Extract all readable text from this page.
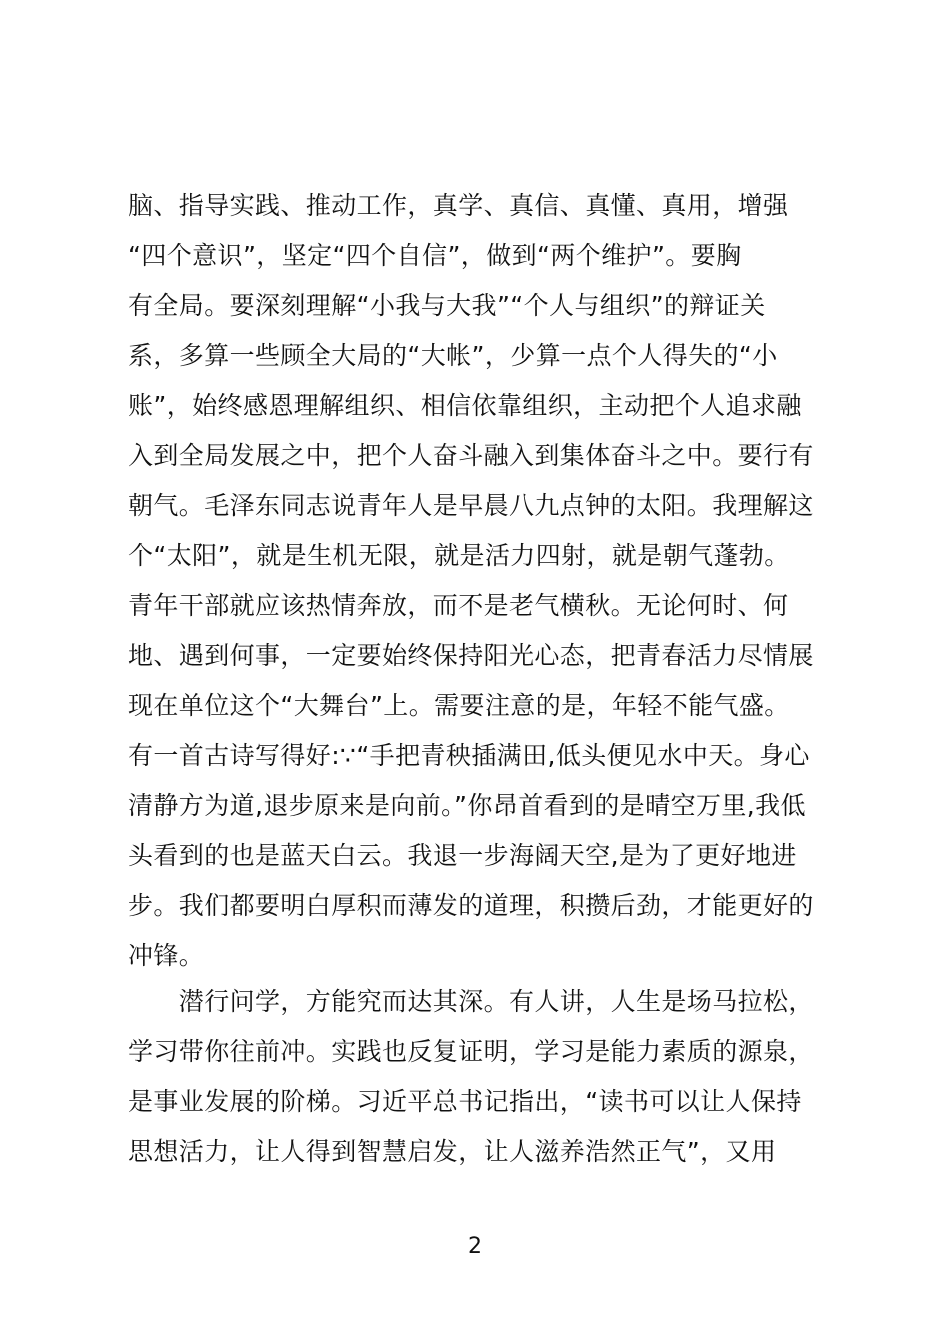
脑、指导实践、推动工作，真学、真信、真懂、真用，增强
“四个意识”，坚定“四个自信”，做到“两个维护”。要胸
有全局。要深刻理解“小我与大我”“个人与组织”的辩证关
系，多算一些顾全大局的“大帐”，少算一点个人得失的“小
账”，始终感恩理解组织、相信依靠组织，主动把个人追求融
入到全局发展之中，把个人奋斗融入到集体奋斗之中。要行有
朝气。毛泽东同志说青年人是早晨八九点钟的太阳。我理解这
个“太阳”，就是生机无限，就是活力四射，就是朝气蓬勃。
青年干部就应该热情奔放，而不是老气横秋。无论何时、何
地、遇到何事，一定要始终保持阳光心态，把青春活力尽情展
现在单位这个“大舞台”上。需要注意的是，年轻不能气盛。
有一首古诗写得好:∵“手把青秧插满田,低头便见水中天。身心
清静方为道,退步原来是向前。”你昂首看到的是晴空万里,我低
头看到的也是蓝天白云。我退一步海阔天空,是为了更好地进
步。我们都要明白厚积而薄发的道理，积攒后劲，才能更好的
冲锋。
　　潜行问学，方能究而达其深。有人讲，人生是场马拉松，
学习带你往前冲。实践也反复证明，学习是能力素质的源泉，
是事业发展的阶梯。习近平总书记指出，“读书可以让人保持
思想活力，让人得到智慧启发，让人滋养浩然正气”，又用
2
